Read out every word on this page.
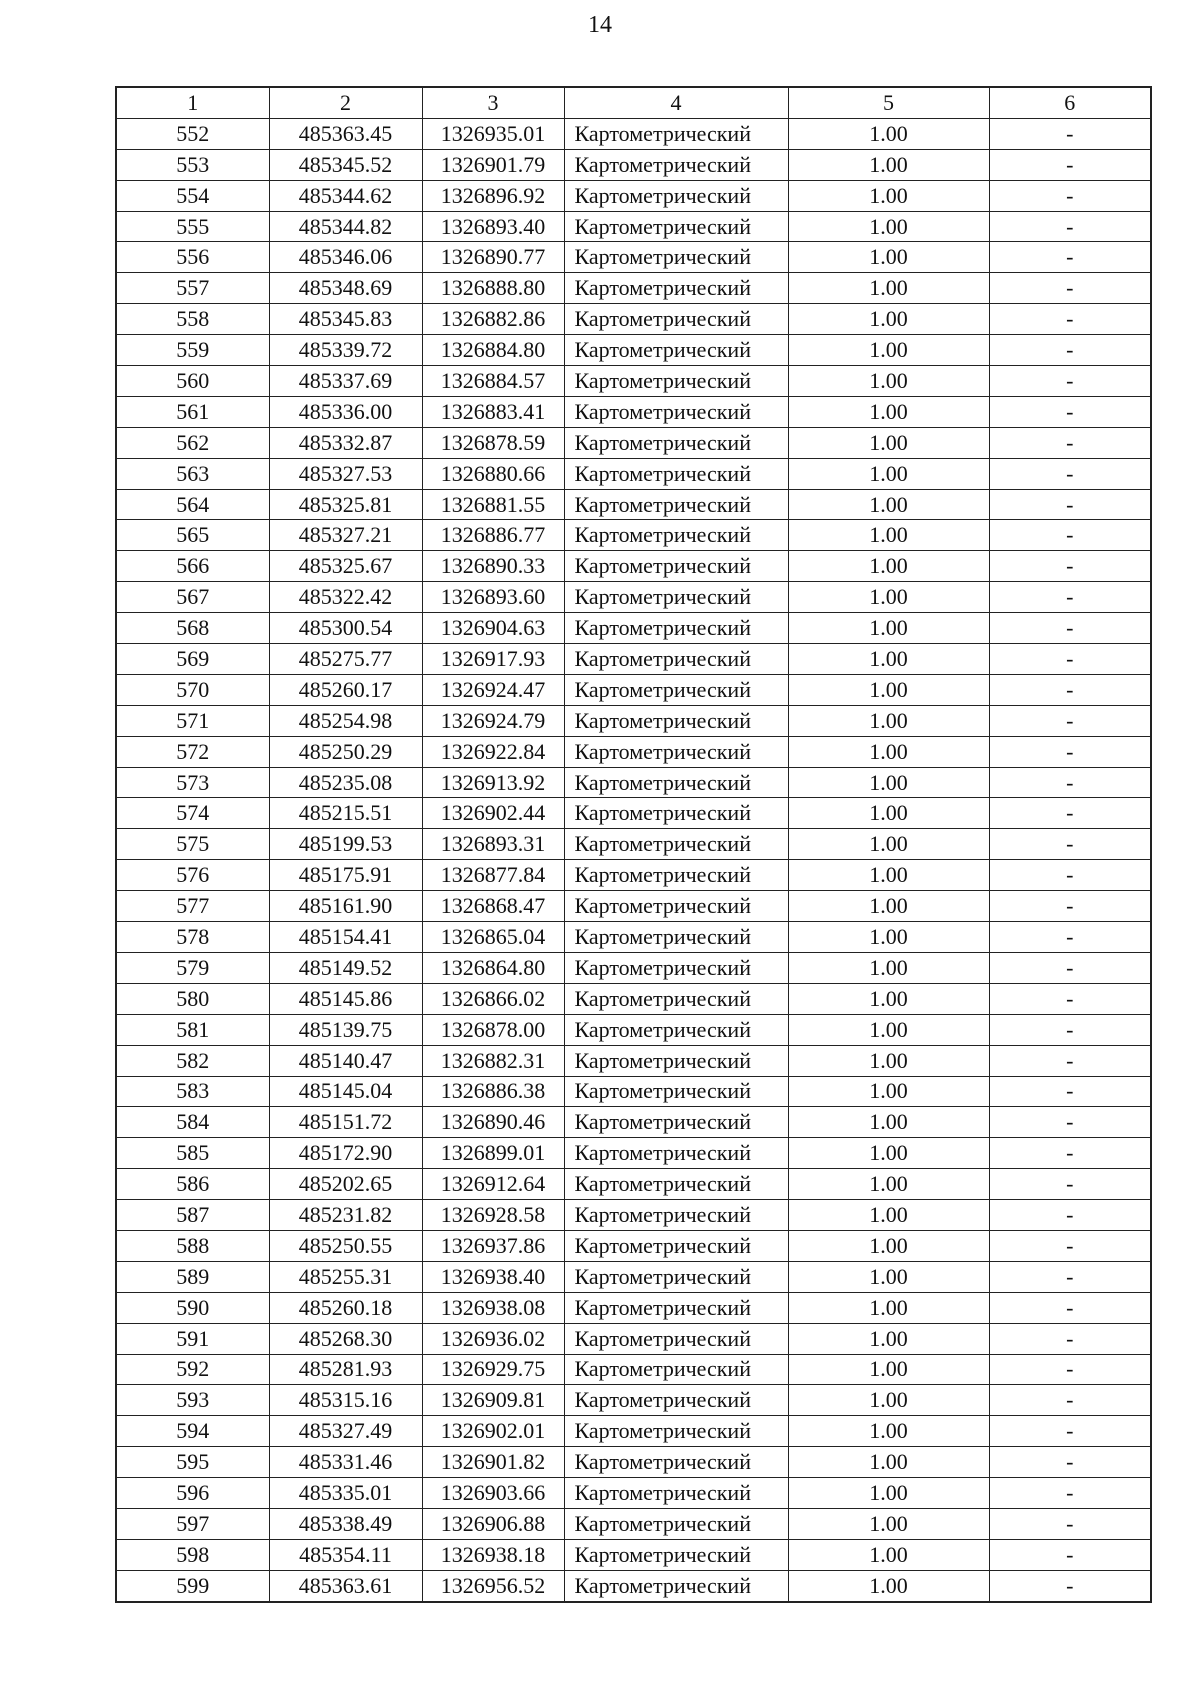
14
1	2	3	4	5	6
552	485363.45	1326935.01	Картометрический	1.00	-
553	485345.52	1326901.79	Картометрический	1.00	-
554	485344.62	1326896.92	Картометрический	1.00	-
555	485344.82	1326893.40	Картометрический	1.00	-
556	485346.06	1326890.77	Картометрический	1.00	-
557	485348.69	1326888.80	Картометрический	1.00	-
558	485345.83	1326882.86	Картометрический	1.00	-
559	485339.72	1326884.80	Картометрический	1.00	-
560	485337.69	1326884.57	Картометрический	1.00	-
561	485336.00	1326883.41	Картометрический	1.00	-
562	485332.87	1326878.59	Картометрический	1.00	-
563	485327.53	1326880.66	Картометрический	1.00	-
564	485325.81	1326881.55	Картометрический	1.00	-
565	485327.21	1326886.77	Картометрический	1.00	-
566	485325.67	1326890.33	Картометрический	1.00	-
567	485322.42	1326893.60	Картометрический	1.00	-
568	485300.54	1326904.63	Картометрический	1.00	-
569	485275.77	1326917.93	Картометрический	1.00	-
570	485260.17	1326924.47	Картометрический	1.00	-
571	485254.98	1326924.79	Картометрический	1.00	-
572	485250.29	1326922.84	Картометрический	1.00	-
573	485235.08	1326913.92	Картометрический	1.00	-
574	485215.51	1326902.44	Картометрический	1.00	-
575	485199.53	1326893.31	Картометрический	1.00	-
576	485175.91	1326877.84	Картометрический	1.00	-
577	485161.90	1326868.47	Картометрический	1.00	-
578	485154.41	1326865.04	Картометрический	1.00	-
579	485149.52	1326864.80	Картометрический	1.00	-
580	485145.86	1326866.02	Картометрический	1.00	-
581	485139.75	1326878.00	Картометрический	1.00	-
582	485140.47	1326882.31	Картометрический	1.00	-
583	485145.04	1326886.38	Картометрический	1.00	-
584	485151.72	1326890.46	Картометрический	1.00	-
585	485172.90	1326899.01	Картометрический	1.00	-
586	485202.65	1326912.64	Картометрический	1.00	-
587	485231.82	1326928.58	Картометрический	1.00	-
588	485250.55	1326937.86	Картометрический	1.00	-
589	485255.31	1326938.40	Картометрический	1.00	-
590	485260.18	1326938.08	Картометрический	1.00	-
591	485268.30	1326936.02	Картометрический	1.00	-
592	485281.93	1326929.75	Картометрический	1.00	-
593	485315.16	1326909.81	Картометрический	1.00	-
594	485327.49	1326902.01	Картометрический	1.00	-
595	485331.46	1326901.82	Картометрический	1.00	-
596	485335.01	1326903.66	Картометрический	1.00	-
597	485338.49	1326906.88	Картометрический	1.00	-
598	485354.11	1326938.18	Картометрический	1.00	-
599	485363.61	1326956.52	Картометрический	1.00	-
